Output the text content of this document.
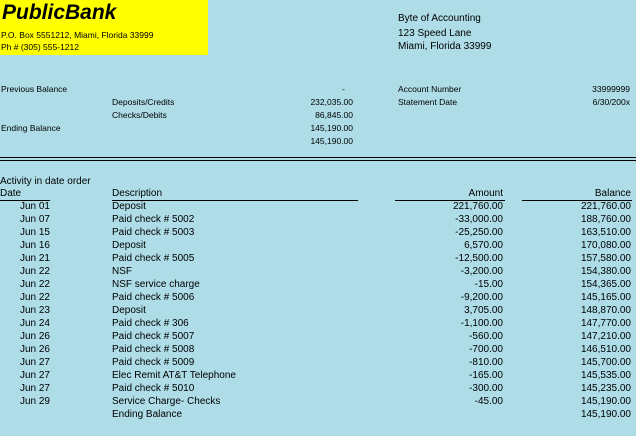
PublicBank
P.O. Box 5551212, Miami, Florida 33999
Ph # (305) 555-1212
Byte of Accounting
123 Speed Lane
Miami, Florida 33999
Previous Balance	-
Deposits/Credits	232,035.00
Checks/Debits	86,845.00
Ending Balance	145,190.00
145,190.00
Account Number	33999999
Statement Date	6/30/200x
Activity in date order
Date	Description	Amount	Balance
Jun 01	Deposit	221,760.00	221,760.00
Jun 07	Paid check # 5002	-33,000.00	188,760.00
Jun 15	Paid check # 5003	-25,250.00	163,510.00
Jun 16	Deposit	6,570.00	170,080.00
Jun 21	Paid check # 5005	-12,500.00	157,580.00
Jun 22	NSF	-3,200.00	154,380.00
Jun 22	NSF service charge	-15.00	154,365.00
Jun 22	Paid check # 5006	-9,200.00	145,165.00
Jun 23	Deposit	3,705.00	148,870.00
Jun 24	Paid check # 306	-1,100.00	147,770.00
Jun 26	Paid check # 5007	-560.00	147,210.00
Jun 26	Paid check # 5008	-700.00	146,510.00
Jun 27	Paid check # 5009	-810.00	145,700.00
Jun 27	Elec Remit AT&T Telephone	-165.00	145,535.00
Jun 27	Paid check # 5010	-300.00	145,235.00
Jun 29	Service Charge- Checks	-45.00	145,190.00
Ending Balance	145,190.00
